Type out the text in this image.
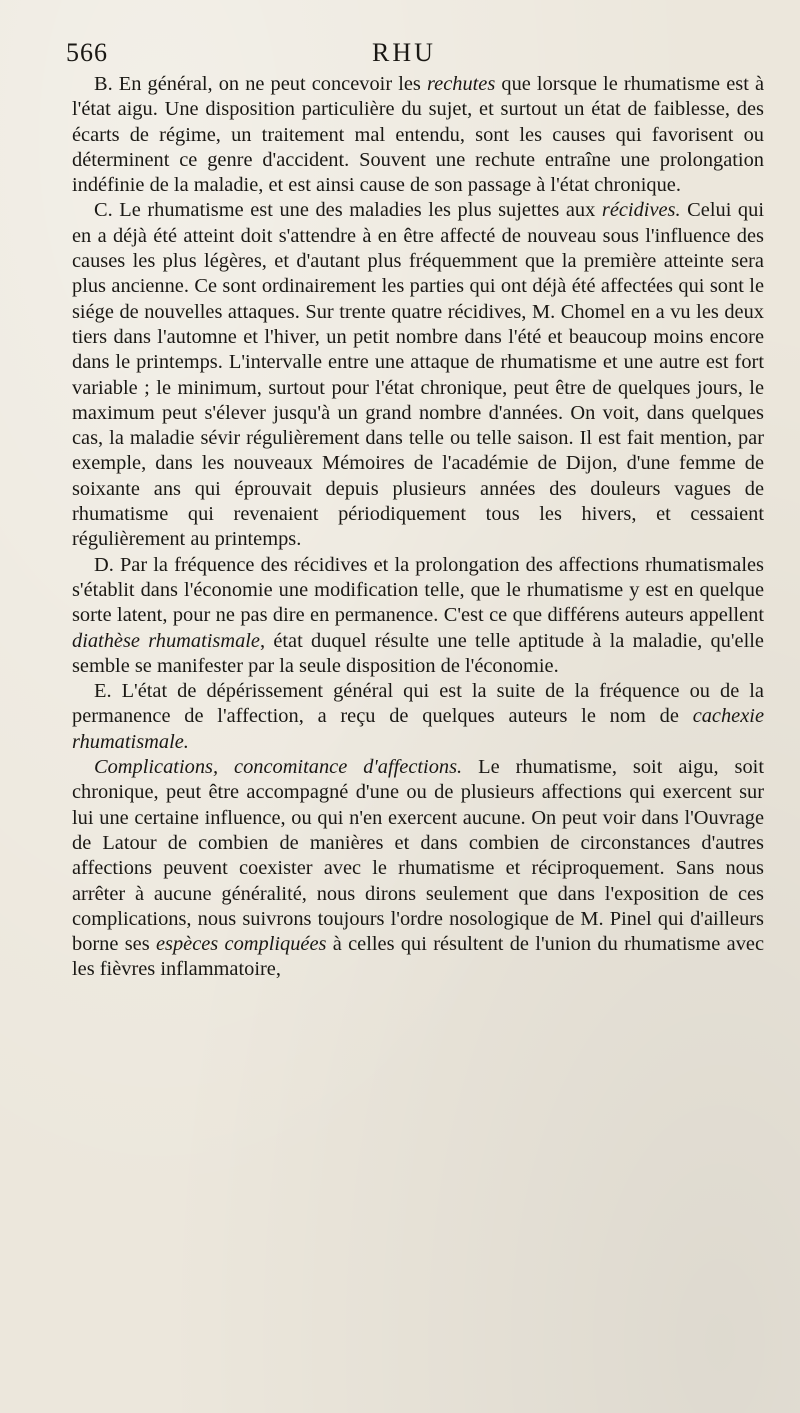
566	RHU

B. En général, on ne peut concevoir les rechutes que lorsque le rhumatisme est à l'état aigu. Une disposition particulière du sujet, et surtout un état de faiblesse, des écarts de régime, un traitement mal entendu, sont les causes qui favorisent ou déterminent ce genre d'accident. Souvent une rechute entraîne une prolongation indéfinie de la maladie, et est ainsi cause de son passage à l'état chronique.

C. Le rhumatisme est une des maladies les plus sujettes aux récidives. Celui qui en a déjà été atteint doit s'attendre à en être affecté de nouveau sous l'influence des causes les plus légères, et d'autant plus fréquemment que la première atteinte sera plus ancienne. Ce sont ordinairement les parties qui ont déjà été affectées qui sont le siége de nouvelles attaques. Sur trente quatre récidives, M. Chomel en a vu les deux tiers dans l'automne et l'hiver, un petit nombre dans l'été et beaucoup moins encore dans le printemps. L'intervalle entre une attaque de rhumatisme et une autre est fort variable ; le minimum, surtout pour l'état chronique, peut être de quelques jours, le maximum peut s'élever jusqu'à un grand nombre d'années. On voit, dans quelques cas, la maladie sévir régulièrement dans telle ou telle saison. Il est fait mention, par exemple, dans les nouveaux Mémoires de l'académie de Dijon, d'une femme de soixante ans qui éprouvait depuis plusieurs années des douleurs vagues de rhumatisme qui revenaient périodiquement tous les hivers, et cessaient régulièrement au printemps.

D. Par la fréquence des récidives et la prolongation des affections rhumatismales s'établit dans l'économie une modification telle, que le rhumatisme y est en quelque sorte latent, pour ne pas dire en permanence. C'est ce que différens auteurs appellent diathèse rhumatismale, état duquel résulte une telle aptitude à la maladie, qu'elle semble se manifester par la seule disposition de l'économie.

E. L'état de dépérissement général qui est la suite de la fréquence ou de la permanence de l'affection, a reçu de quelques auteurs le nom de cachexie rhumatismale.

Complications, concomitance d'affections. Le rhumatisme, soit aigu, soit chronique, peut être accompagné d'une ou de plusieurs affections qui exercent sur lui une certaine influence, ou qui n'en exercent aucune. On peut voir dans l'Ouvrage de Latour de combien de manières et dans combien de circonstances d'autres affections peuvent coexister avec le rhumatisme et réciproquement. Sans nous arrêter à aucune généralité, nous dirons seulement que dans l'exposition de ces complications, nous suivrons toujours l'ordre nosologique de M. Pinel qui d'ailleurs borne ses espèces compliquées à celles qui résultent de l'union du rhumatisme avec les fièvres inflammatoire,
